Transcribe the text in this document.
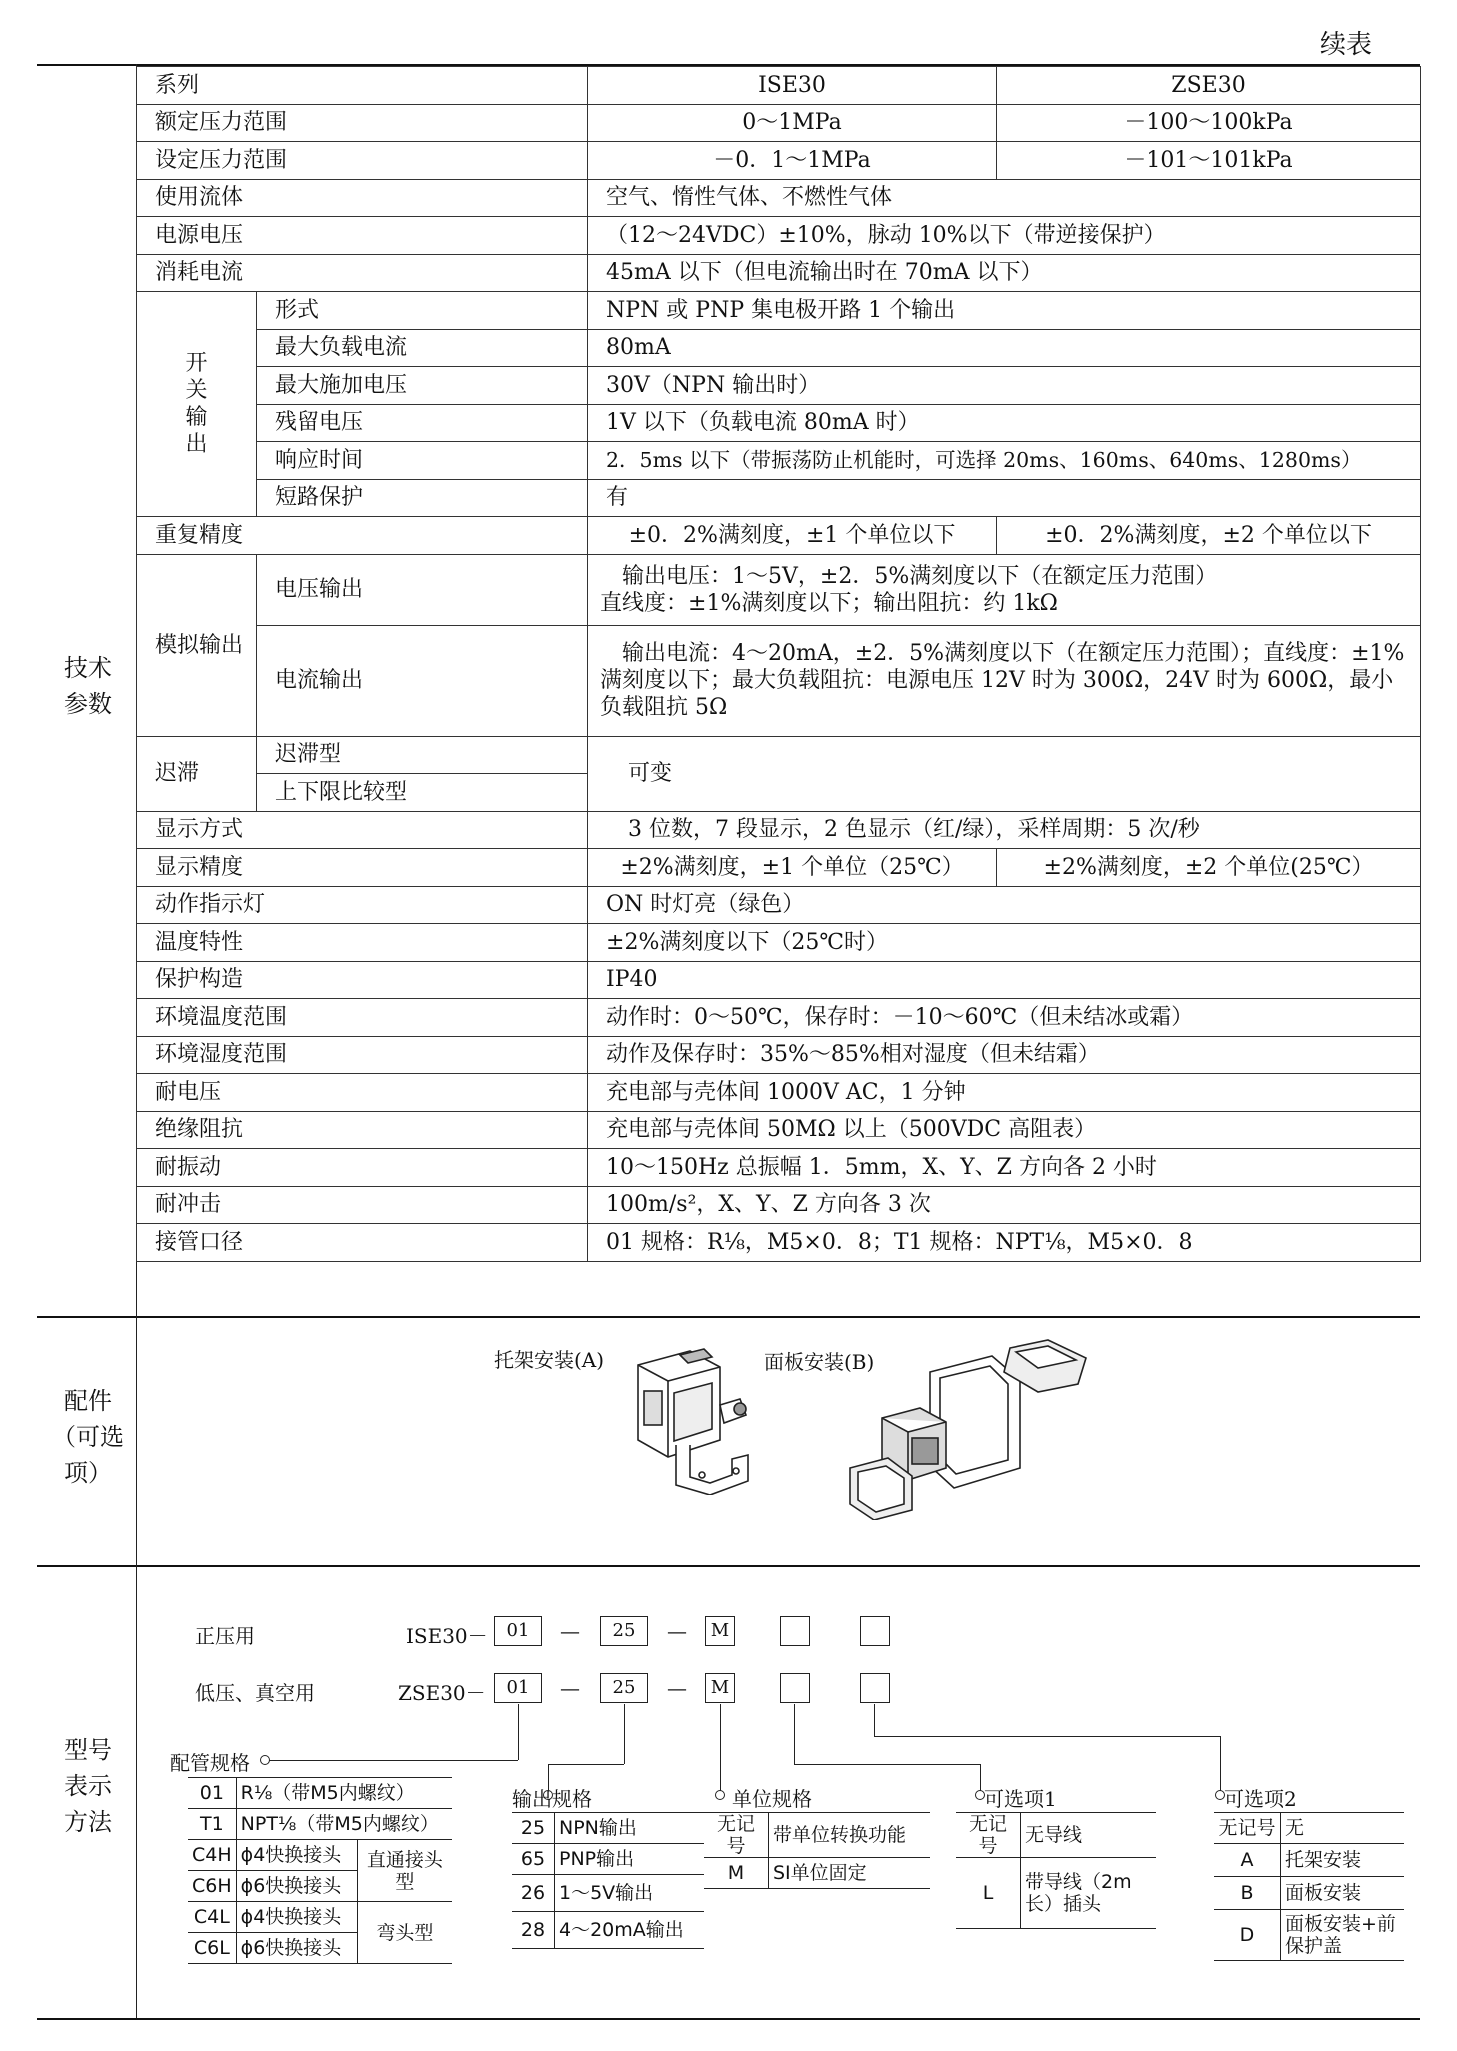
续表
技术
参数
配件
（可选
项）
型号
表示
方法
系列		ISE30	ZSE30
额定压力范围		0～1MPa	－100～100kPa
设定压力范围		－0．1～1MPa	－101～101kPa
使用流体		空气、惰性气体、不燃性气体	
电源电压		（12～24VDC）±10%，脉动 10%以下（带逆接保护）	
消耗电流		45mA 以下（但电流输出时在 70mA 以下）	
开
关
输
出	形式	NPN 或 PNP 集电极开路 1 个输出	
	最大负载电流	80mA	
	最大施加电压	30V（NPN 输出时）	
	残留电压	1V 以下（负载电流 80mA 时）	
	响应时间	2．5ms 以下（带振荡防止机能时，可选择 20ms、160ms、640ms、1280ms）	
	短路保护	有	
重复精度		±0．2%满刻度，±1 个单位以下	±0．2%满刻度，±2 个单位以下
模拟输出	电压输出	输出电压：1～5V，±2．5%满刻度以下（在额定压力范围）
直线度：±1%满刻度以下；输出阻抗：约 1kΩ	
	电流输出	输出电流：4～20mA，±2．5%满刻度以下（在额定压力范围）；直线度：±1%
满刻度以下；最大负载阻抗：电源电压 12V 时为 300Ω，24V 时为 600Ω，最小
负载阻抗 5Ω	
迟滞	迟滞型	可变	
	上下限比较型		
显示方式		3 位数，7 段显示，2 色显示（红/绿），采样周期：5 次/秒	
显示精度		±2%满刻度，±1 个单位（25℃）	±2%满刻度，±2 个单位(25℃）
动作指示灯		ON 时灯亮（绿色）	
温度特性		±2%满刻度以下（25℃时）	
保护构造		IP40	
环境温度范围		动作时：0～50℃，保存时：－10～60℃（但未结冰或霜）	
环境湿度范围		动作及保存时：35%～85%相对湿度（但未结霜）	
耐电压		充电部与壳体间 1000V AC，1 分钟	
绝缘阻抗		充电部与壳体间 50MΩ 以上（500VDC 高阻表）	
耐振动		10～150Hz 总振幅 1．5mm，X、Y、Z 方向各 2 小时	
耐冲击		100m/s²，X、Y、Z 方向各 3 次	
接管口径		01 规格：R⅛，M5×0．8；T1 规格：NPT⅛，M5×0．8	

托架安装(A)	面板安装(B)
正压用	ISE30－	01	—	25	—	M
低压、真空用	ZSE30－	01	—	25	—	M
配管规格
01	R⅛（带M5内螺纹）	
T1	NPT⅛（带M5内螺纹）	
C4H	ϕ4快换接头	直通接头型
C6H	ϕ6快换接头	
C4L	ϕ4快换接头	弯头型
C6L	ϕ6快换接头	
输出规格
25	NPN输出
65	PNP输出
26	1～5V输出
28	4～20mA输出
单位规格
无记号	带单位转换功能
M	SI单位固定
可选项1
无记号	无导线
L	带导线（2m长）插头
可选项2
无记号	无
A	托架安装
B	面板安装
D	面板安装+前保护盖
